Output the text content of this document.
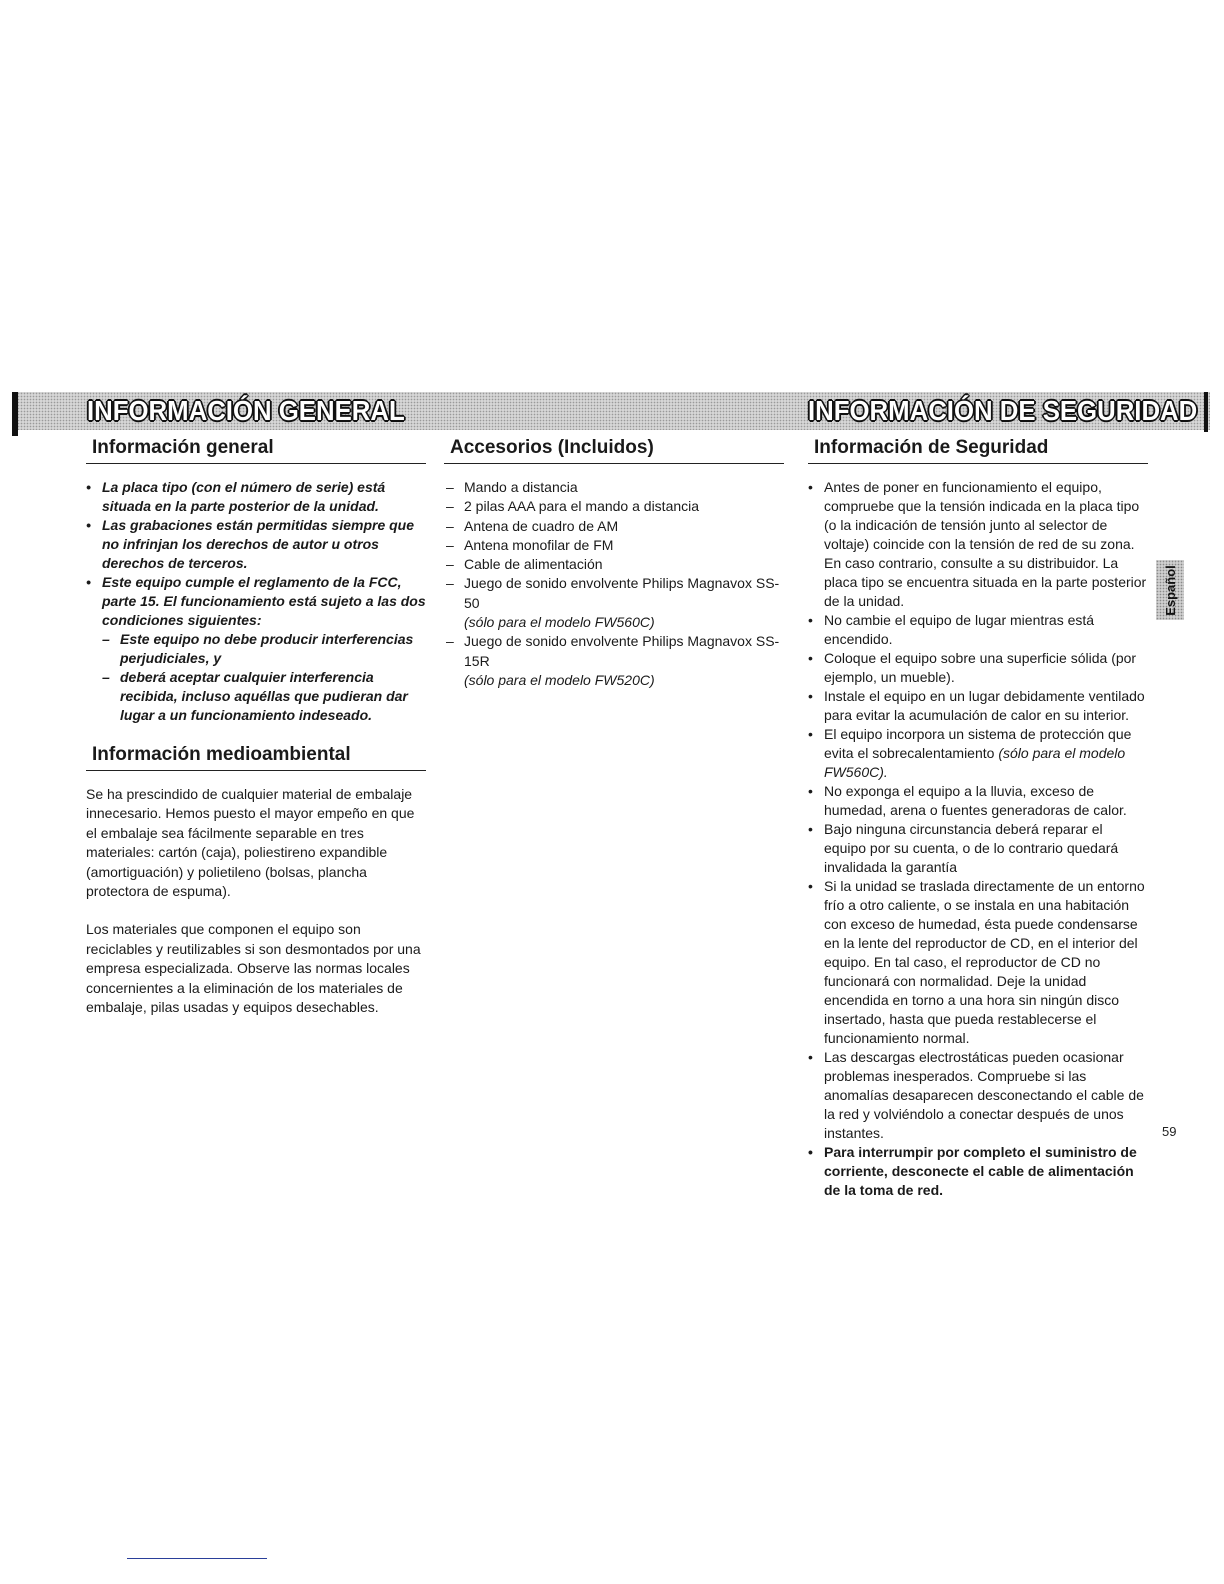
INFORMACIÓN GENERAL	INFORMACIÓN DE SEGURIDAD
Información general
• La placa tipo (con el número de serie) está situada en la parte posterior de la unidad.
• Las grabaciones están permitidas siempre que no infrinjan los derechos de autor u otros derechos de terceros.
• Este equipo cumple el reglamento de la FCC, parte 15. El funcionamiento está sujeto a las dos condiciones siguientes:
– Este equipo no debe producir interferencias perjudiciales, y
– deberá aceptar cualquier interferencia recibida, incluso aquéllas que pudieran dar lugar a un funcionamiento indeseado.
Información medioambiental

Se ha prescindido de cualquier material de embalaje innecesario. Hemos puesto el mayor empeño en que el embalaje sea fácilmente separable en tres materiales: cartón (caja), poliestireno expandible (amortiguación) y polietileno (bolsas, plancha protectora de espuma).

Los materiales que componen el equipo son reciclables y reutilizables si son desmontados por una empresa especializada. Observe las normas locales concernientes a la eliminación de los materiales de embalaje, pilas usadas y equipos desechables.

Accesorios (Incluidos)
– Mando a distancia
– 2 pilas AAA para el mando a distancia
– Antena de cuadro de AM
– Antena monofilar de FM
– Cable de alimentación
– Juego de sonido envolvente Philips Magnavox SS-50
(sólo para el modelo FW560C)
– Juego de sonido envolvente Philips Magnavox SS-15R
(sólo para el modelo FW520C)
Información de Seguridad
• Antes de poner en funcionamiento el equipo, compruebe que la tensión indicada en la placa tipo (o la indicación de tensión junto al selector de voltaje) coincide con la tensión de red de su zona. En caso contrario, consulte a su distribuidor. La placa tipo se encuentra situada en la parte posterior de la unidad.
• No cambie el equipo de lugar mientras está encendido.
• Coloque el equipo sobre una superficie sólida (por ejemplo, un mueble).
• Instale el equipo en un lugar debidamente ventilado para evitar la acumulación de calor en su interior.
• El equipo incorpora un sistema de protección que evita el sobrecalentamiento (sólo para el modelo FW560C).
• No exponga el equipo a la lluvia, exceso de humedad, arena o fuentes generadoras de calor.
• Bajo ninguna circunstancia deberá reparar el equipo por su cuenta, o de lo contrario quedará invalidada la garantía
• Si la unidad se traslada directamente de un entorno frío a otro caliente, o se instala en una habitación con exceso de humedad, ésta puede condensarse en la lente del reproductor de CD, en el interior del equipo. En tal caso, el reproductor de CD no funcionará con normalidad. Deje la unidad encendida en torno a una hora sin ningún disco insertado, hasta que pueda restablecerse el funcionamiento normal.
• Las descargas electrostáticas pueden ocasionar problemas inesperados. Compruebe si las anomalías desaparecen desconectando el cable de la red y volviéndolo a conectar después de unos instantes.
• Para interrumpir por completo el suministro de corriente, desconecte el cable de alimentación de la toma de red.
Español
59
